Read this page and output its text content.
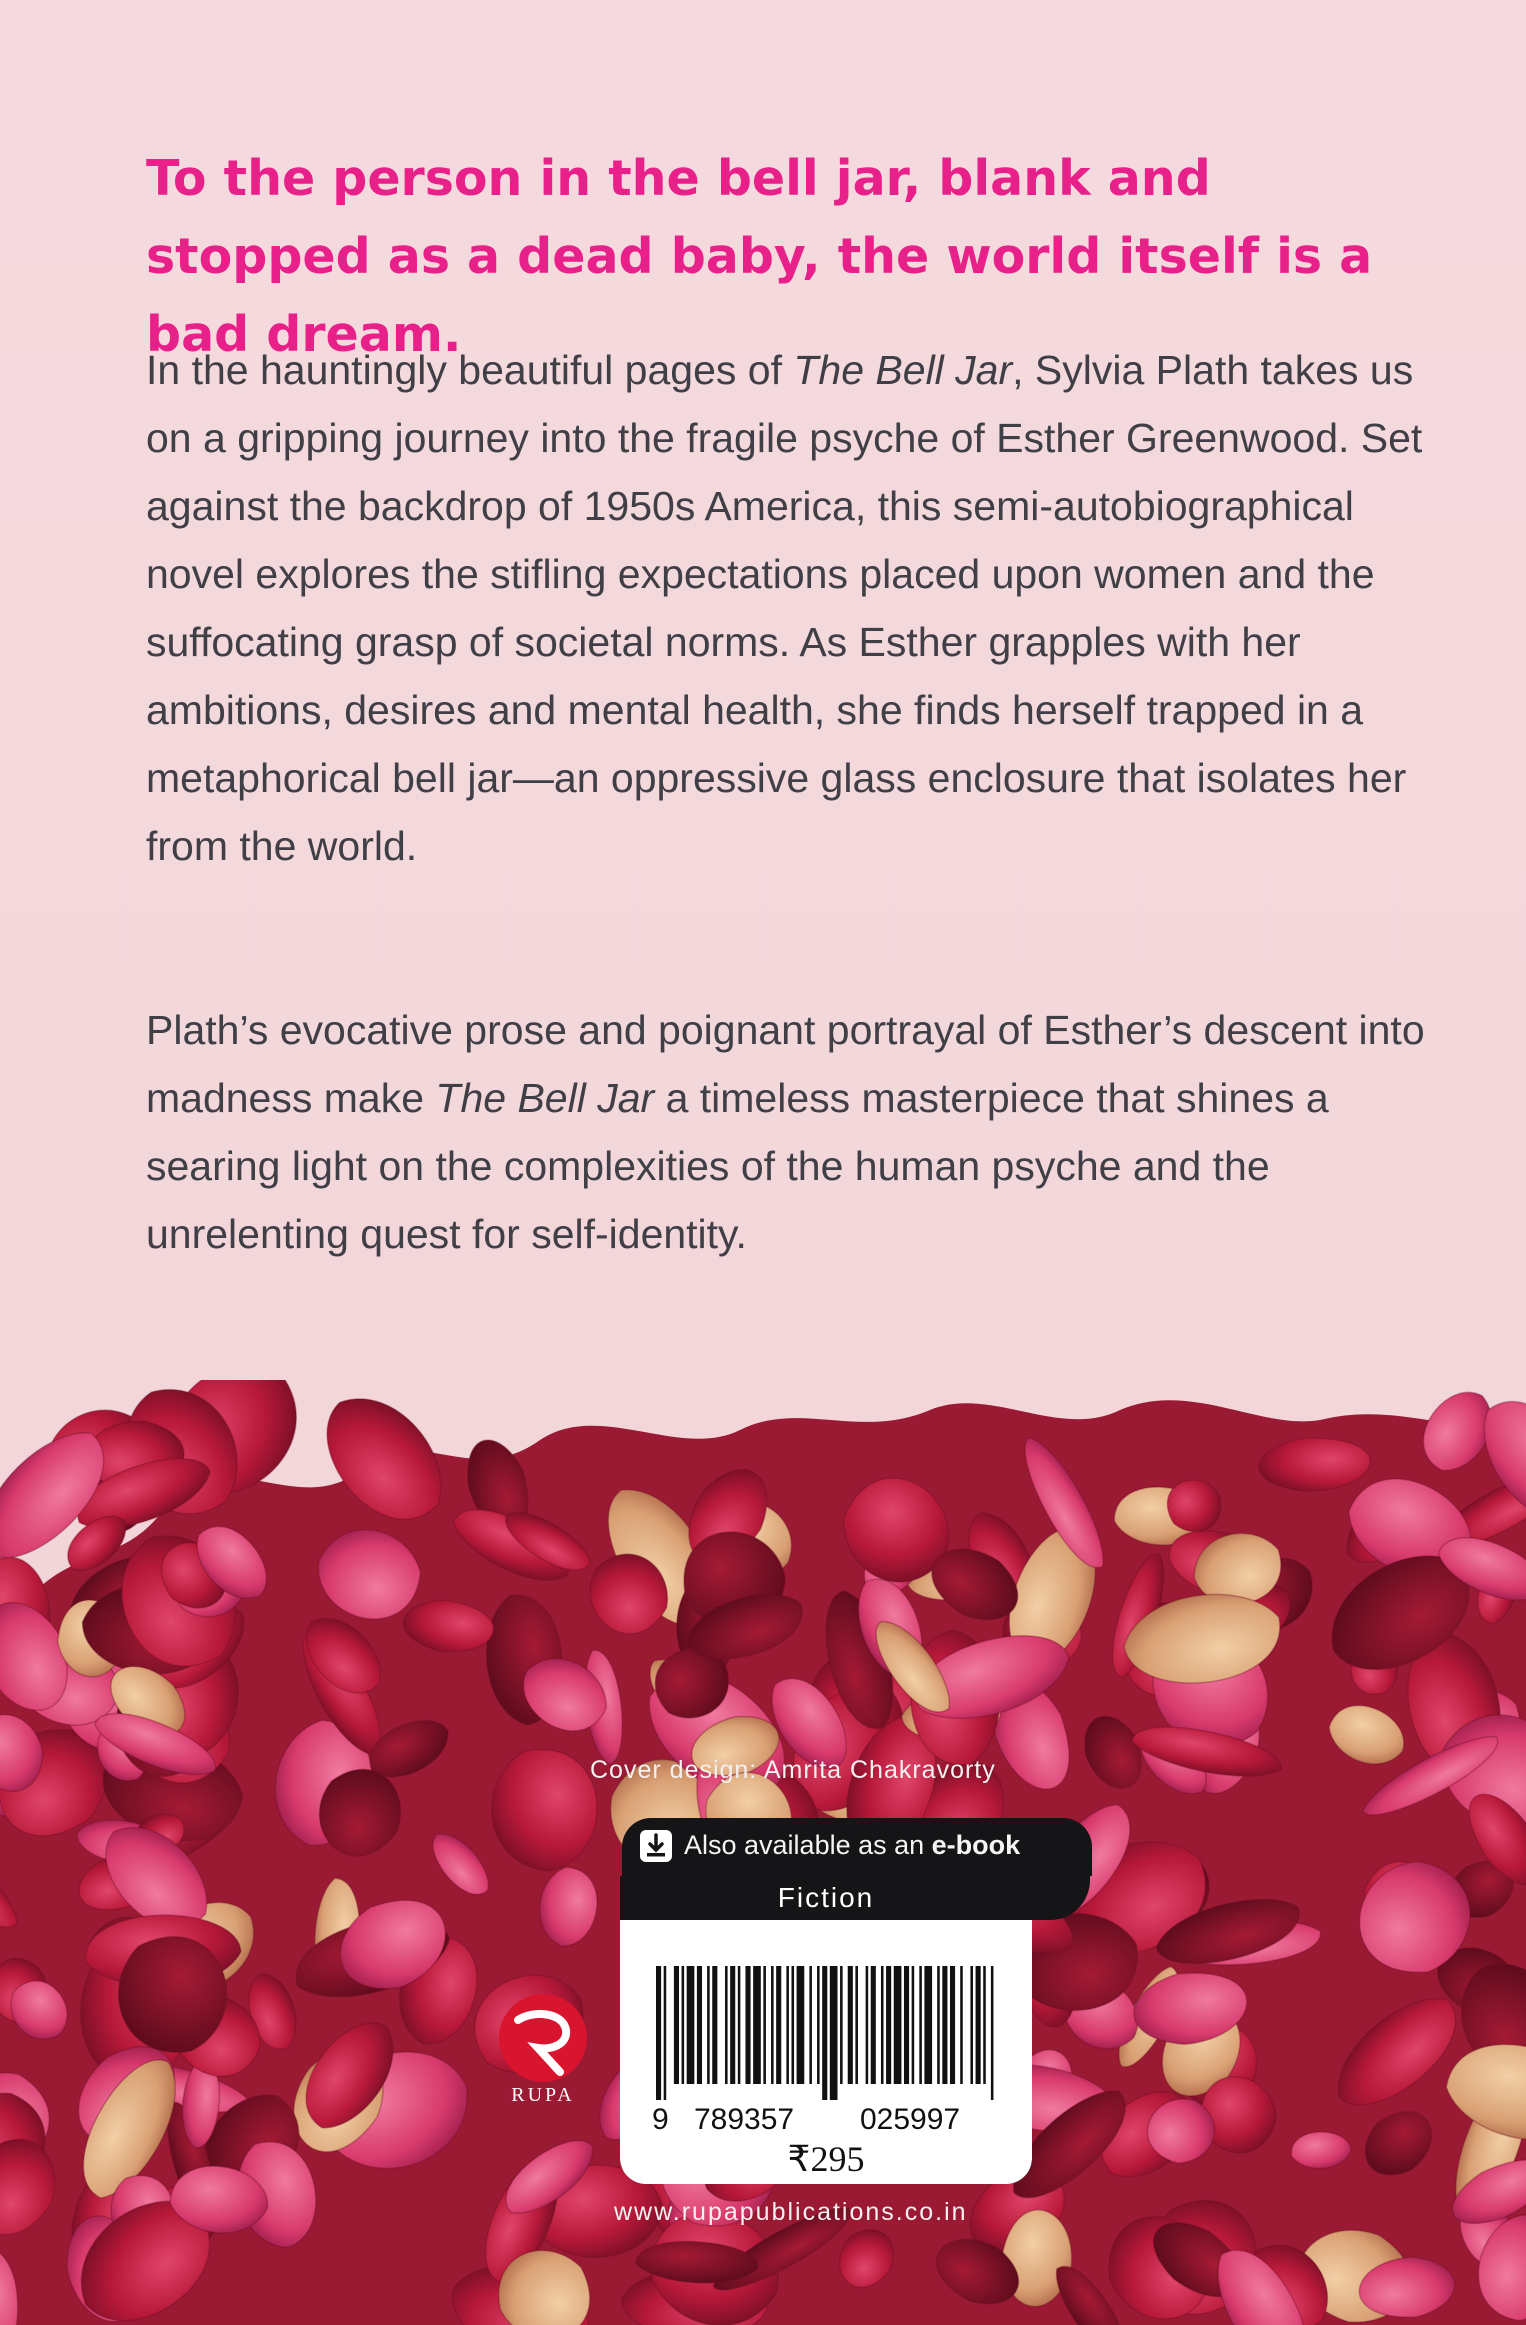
To the person in the bell jar, blank and stopped as a dead baby, the world itself is a bad dream.

In the hauntingly beautiful pages of The Bell Jar, Sylvia Plath takes us on a gripping journey into the fragile psyche of Esther Greenwood. Set against the backdrop of 1950s America, this semi-autobiographical novel explores the stifling expectations placed upon women and the suffocating grasp of societal norms. As Esther grapples with her ambitions, desires and mental health, she finds herself trapped in a metaphorical bell jar—an oppressive glass enclosure that isolates her from the world.

Plath’s evocative prose and poignant portrayal of Esther’s descent into madness make The Bell Jar a timeless masterpiece that shines a searing light on the complexities of the human psyche and the unrelenting quest for self-identity.

Cover design: Amrita Chakravorty
Also available as an e-book
Fiction
9 789357 025997
₹295
RUPA
www.rupapublications.co.in
